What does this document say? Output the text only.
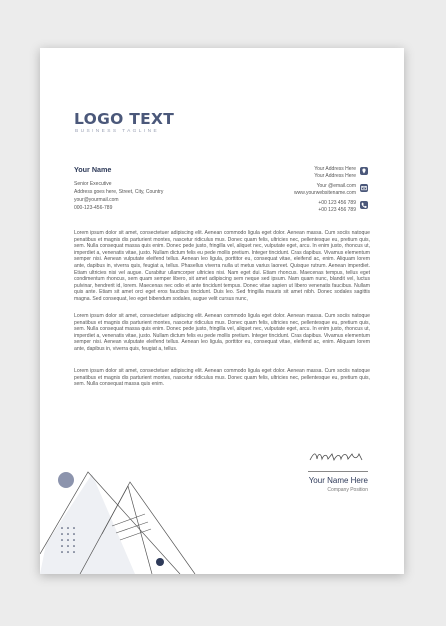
LOGO TEXT
BUSINESS TAGLINE
Your Name
Senior Executive
Address goes here, Street, City, Country
your@yourmail.com
000-123-456-789
Your Address Here
Your Address Here
Your @email.com
www.yourwebsitename.com
+00 123 456 789
+00 123 456 789

Lorem ipsum dolor sit amet, consectetuer adipiscing elit. Aenean commodo ligula eget dolor. Aenean massa. Cum sociis natoque penatibus et magnis dis parturient montes, nascetur ridiculus mus. Donec quam felis, ultricies nec, pellentesque eu, pretium quis, sem. Nulla consequat massa quis enim. Donec pede justo, fringilla vel, aliquet nec, vulputate eget, arcu. In enim justo, rhoncus ut, imperdiet a, venenatis vitae, justo. Nullam dictum felis eu pede mollis pretium. Integer tincidunt. Cras dapibus. Vivamus elementum semper nisi. Aenean vulputate eleifend tellus. Aenean leo ligula, porttitor eu, consequat vitae, eleifend ac, enim. Aliquam lorem ante, dapibus in, viverra quis, feugiat a, tellus. Phasellus viverra nulla ut metus varius laoreet. Quisque rutrum. Aenean imperdiet. Etiam ultricies nisi vel augue. Curabitur ullamcorper ultricies nisi. Nam eget dui. Etiam rhoncus. Maecenas tempus, tellus eget condimentum rhoncus, sem quam semper libero, sit amet adipiscing sem neque sed ipsum. Nam quam nunc, blandit vel, luctus pulvinar, hendrerit id, lorem. Maecenas nec odio et ante tincidunt tempus. Donec vitae sapien ut libero venenatis faucibus. Nullam quis ante. Etiam sit amet orci eget eros faucibus tincidunt. Duis leo. Sed fringilla mauris sit amet nibh. Donec sodales sagittis magna. Sed consequat, leo eget bibendum sodales, augue velit cursus nunc,

Lorem ipsum dolor sit amet, consectetuer adipiscing elit. Aenean commodo ligula eget dolor. Aenean massa. Cum sociis natoque penatibus et magnis dis parturient montes, nascetur ridiculus mus. Donec quam felis, ultricies nec, pellentesque eu, pretium quis, sem. Nulla consequat massa quis enim. Donec pede justo, fringilla vel, aliquet nec, vulputate eget, arcu. In enim justo, rhoncus ut, imperdiet a, venenatis vitae, justo. Nullam dictum felis eu pede mollis pretium. Integer tincidunt. Cras dapibus. Vivamus elementum semper nisi. Aenean vulputate eleifend tellus. Aenean leo ligula, porttitor eu, consequat vitae, eleifend ac, enim. Aliquam lorem ante, dapibus in, viverra quis, feugiat a, tellus.

Lorem ipsum dolor sit amet, consectetuer adipiscing elit. Aenean commodo ligula eget dolor. Aenean massa. Cum sociis natoque penatibus et magnis dis parturient montes, nascetur ridiculus mus. Donec quam felis, ultricies nec, pellentesque eu, pretium quis, sem. Nulla consequat massa quis enim.

Your Name Here
Company Position
